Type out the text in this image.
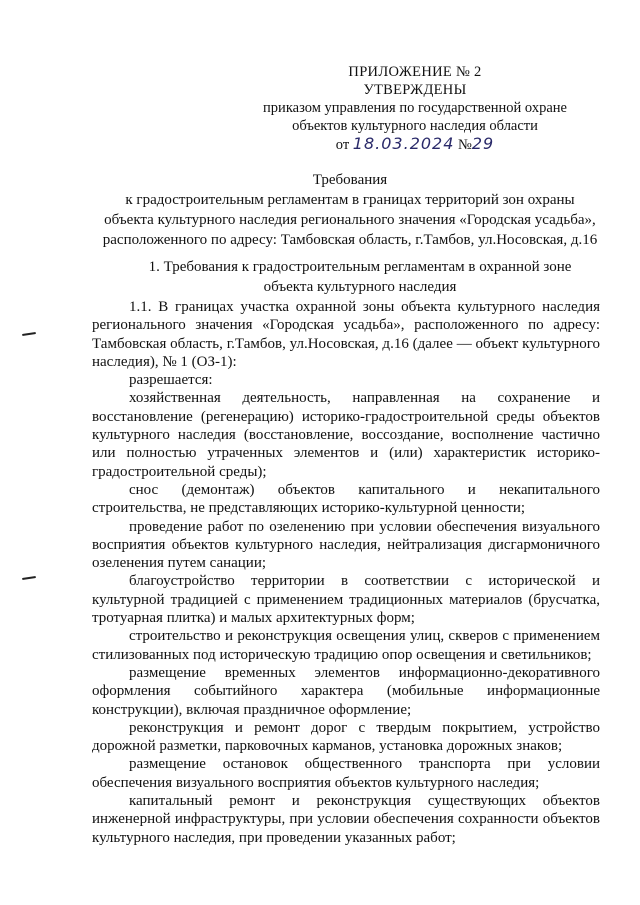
ПРИЛОЖЕНИЕ № 2
УТВЕРЖДЕНЫ
приказом управления по государственной охране
объектов культурного наследия области
от 18.03.2024 №29
Требования
к градостроительным регламентам в границах территорий зон охраны
объекта культурного наследия регионального значения «Городская усадьба»,
расположенного по адресу: Тамбовская область, г.Тамбов, ул.Носовская, д.16
1. Требования к градостроительным регламентам в охранной зоне
объекта культурного наследия

1.1. В границах участка охранной зоны объекта культурного наследия регионального значения «Городская усадьба», расположенного по адресу: Тамбовская область, г.Тамбов, ул.Носовская, д.16 (далее — объект культурного наследия), № 1 (ОЗ-1):

разрешается:

хозяйственная деятельность, направленная на сохранение и восстановление (регенерацию) историко-градостроительной среды объектов культурного наследия (восстановление, воссоздание, восполнение частично или полностью утраченных элементов и (или) характеристик историко-градостроительной среды);

снос (демонтаж) объектов капитального и некапитального строительства, не представляющих историко-культурной ценности;

проведение работ по озеленению при условии обеспечения визуального восприятия объектов культурного наследия, нейтрализация дисгармоничного озеленения путем санации;

благоустройство территории в соответствии с исторической и культурной традицией с применением традиционных материалов (брусчатка, тротуарная плитка) и малых архитектурных форм;

строительство и реконструкция освещения улиц, скверов с применением стилизованных под историческую традицию опор освещения и светильников;

размещение временных элементов информационно-декоративного оформления событийного характера (мобильные информационные конструкции), включая праздничное оформление;

реконструкция и ремонт дорог с твердым покрытием, устройство дорожной разметки, парковочных карманов, установка дорожных знаков;

размещение остановок общественного транспорта при условии обеспечения визуального восприятия объектов культурного наследия;

капитальный ремонт и реконструкция существующих объектов инженерной инфраструктуры, при условии обеспечения сохранности объектов культурного наследия, при проведении указанных работ;
